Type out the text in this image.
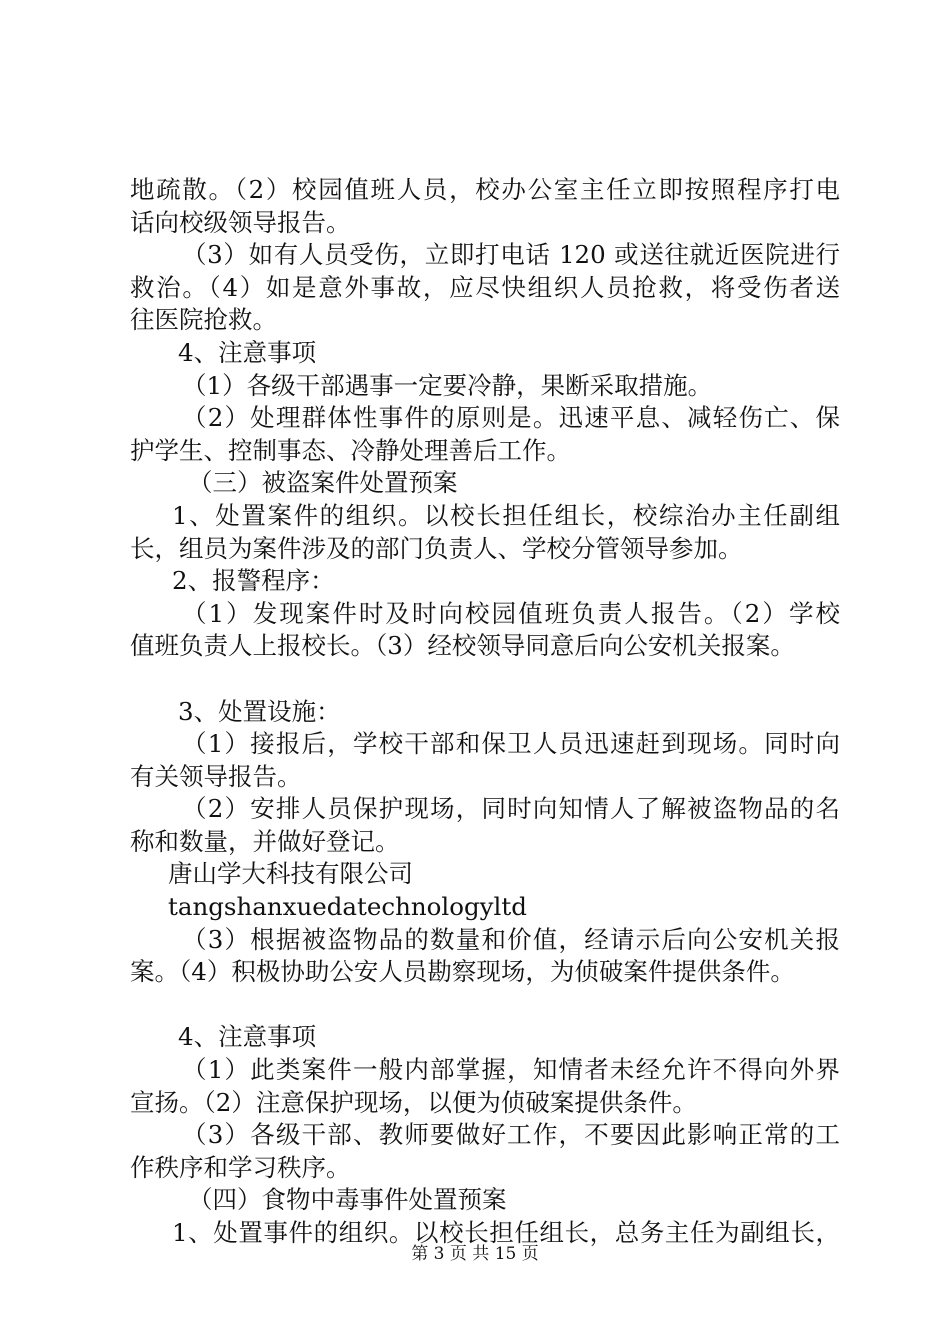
地疏散。（2）校园值班人员，校办公室主任立即按照程序打电
话向校级领导报告。
（3）如有人员受伤，立即打电话 120 或送往就近医院进行
救治。（4）如是意外事故，应尽快组织人员抢救，将受伤者送
往医院抢救。
4、注意事项
（1）各级干部遇事一定要冷静，果断采取措施。
（2）处理群体性事件的原则是。迅速平息、减轻伤亡、保
护学生、控制事态、冷静处理善后工作。
（三）被盗案件处置预案
1、处置案件的组织。以校长担任组长，校综治办主任副组
长，组员为案件涉及的部门负责人、学校分管领导参加。
2、报警程序：
（1）发现案件时及时向校园值班负责人报告。（2）学校
值班负责人上报校长。（3）经校领导同意后向公安机关报案。
3、处置设施：
（1）接报后，学校干部和保卫人员迅速赶到现场。同时向
有关领导报告。
（2）安排人员保护现场，同时向知情人了解被盗物品的名
称和数量，并做好登记。
唐山学大科技有限公司
tangshanxuedatechnologyltd
（3）根据被盗物品的数量和价值，经请示后向公安机关报
案。（4）积极协助公安人员勘察现场，为侦破案件提供条件。
4、注意事项
（1）此类案件一般内部掌握，知情者未经允许不得向外界
宣扬。（2）注意保护现场，以便为侦破案提供条件。
（3）各级干部、教师要做好工作，不要因此影响正常的工
作秩序和学习秩序。
（四）食物中毒事件处置预案
1、处置事件的组织。以校长担任组长，总务主任为副组长，
第 3 页 共 15 页
